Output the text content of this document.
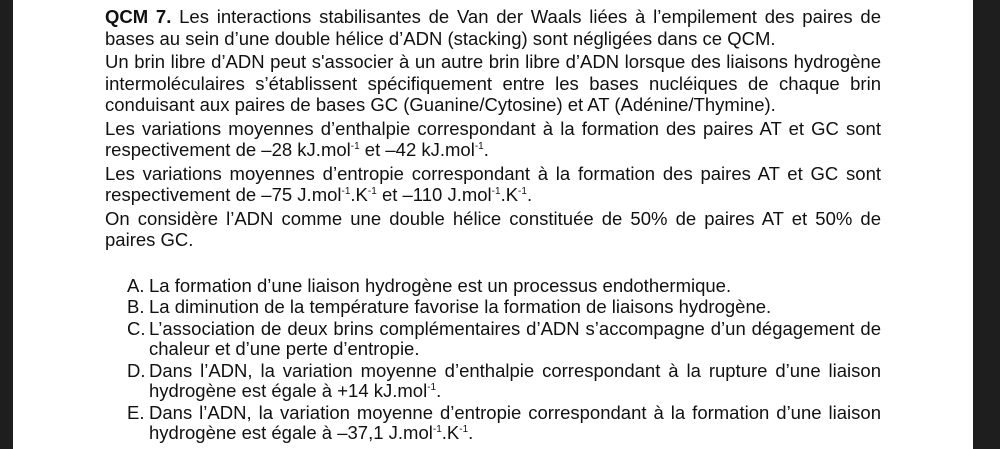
QCM 7. Les interactions stabilisantes de Van der Waals liées à l’empilement des paires de bases au sein d’une double hélice d’ADN (stacking) sont négligées dans ce QCM.

Un brin libre d’ADN peut s'associer à un autre brin libre d’ADN lorsque des liaisons hydrogène intermoléculaires s’établissent spécifiquement entre les bases nucléiques de chaque brin conduisant aux paires de bases GC (Guanine/Cytosine) et AT (Adénine/Thymine).

Les variations moyennes d’enthalpie correspondant à la formation des paires AT et GC sont respectivement de –28 kJ.mol$^{-1}$ et –42 kJ.mol$^{-1}$.

Les variations moyennes d’entropie correspondant à la formation des paires AT et GC sont respectivement de –75 $J.mol^{-1}.K^{-1}$ et –110 $J.mol^{-1}.K^{-1}$.

On considère l’ADN comme une double hélice constituée de 50% de paires AT et 50% de paires GC.

A. La formation d’une liaison hydrogène est un processus endothermique.
B. La diminution de la température favorise la formation de liaisons hydrogène.
C. L’association de deux brins complémentaires d’ADN s’accompagne d’un dégagement de chaleur et d’une perte d’entropie.
D. Dans l’ADN, la variation moyenne d’enthalpie correspondant à la rupture d’une liaison hydrogène est égale à +14 kJ.mol$^{-1}$.
E. Dans l’ADN, la variation moyenne d’entropie correspondant à la formation d’une liaison hydrogène est égale à –37,1 $J.mol^{-1}.K^{-1}$.
